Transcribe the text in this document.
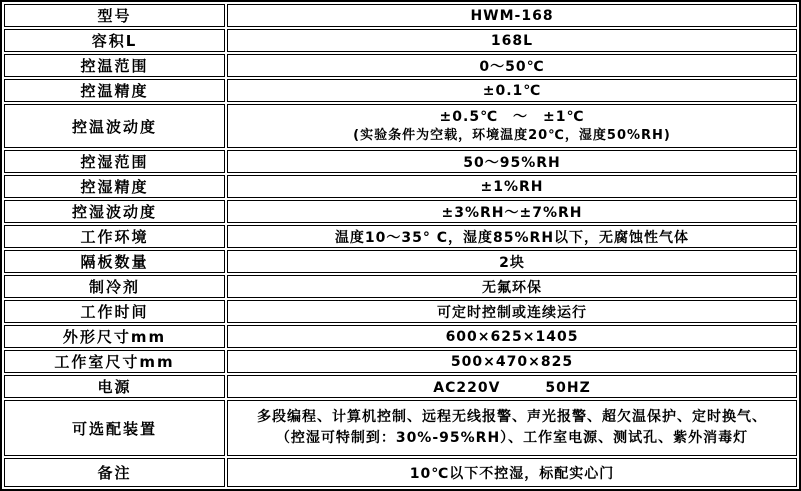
型号	HWM-168
容积L	168L
控温范围	0～50℃
控温精度	±0.1℃
控温波动度	±0.5℃　～　±1℃
(实验条件为空载，环境温度20℃，湿度50%RH)

控湿范围	50～95%RH
控湿精度	±1%RH
控湿波动度	±3%RH～±7%RH
工作环境	温度10～35° C，湿度85%RH以下，无腐蚀性气体
隔板数量	2块
制冷剂	无氟环保
工作时间	可定时控制或连续运行
外形尺寸mm	600×625×1405
工作室尺寸mm	500×470×825
电源	AC220V　　　50HZ
可选配装置	多段编程、计算机控制、远程无线报警、声光报警、超欠温保护、定时换气、
（控湿可特制到：30%-95%RH）、工作室电源、测试孔、紫外消毒灯

备注	10℃以下不控湿，标配实心门
